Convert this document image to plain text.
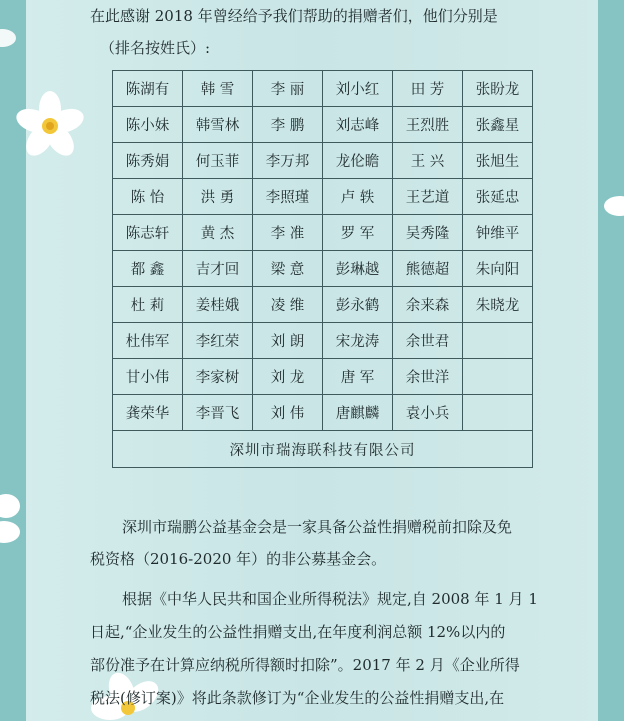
在此感谢 2018 年曾经给予我们帮助的捐赠者们，他们分别是
（排名按姓氏）:
陈湖有	韩 雪	李 丽	刘小红	田 芳	张盼龙
陈小妹	韩雪林	李 鹏	刘志峰	王烈胜	张鑫星
陈秀娟	何玉菲	李万邦	龙伦瞻	王 兴	张旭生
陈 怡	洪 勇	李照瑾	卢 轶	王艺道	张延忠
陈志轩	黄 杰	李 准	罗 军	吴秀隆	钟维平
都 鑫	吉才回	梁 意	彭琳越	熊德超	朱向阳
杜 莉	姜桂娥	凌 维	彭永鹤	余来森	朱晓龙
杜伟军	李红荣	刘 朗	宋龙涛	余世君	
甘小伟	李家树	刘 龙	唐 军	余世洋	
龚荣华	李晋飞	刘 伟	唐麒麟	袁小兵	
深圳市瑞海联科技有限公司					
深圳市瑞鹏公益基金会是一家具备公益性捐赠税前扣除及免
税资格（2016-2020 年）的非公募基金会。
根据《中华人民共和国企业所得税法》规定,自 2008 年 1 月 1
日起,“企业发生的公益性捐赠支出,在年度利润总额 12%以内的
部份准予在计算应纳税所得额时扣除”。2017 年 2 月《企业所得
税法(修订案)》将此条款修订为“企业发生的公益性捐赠支出,在
